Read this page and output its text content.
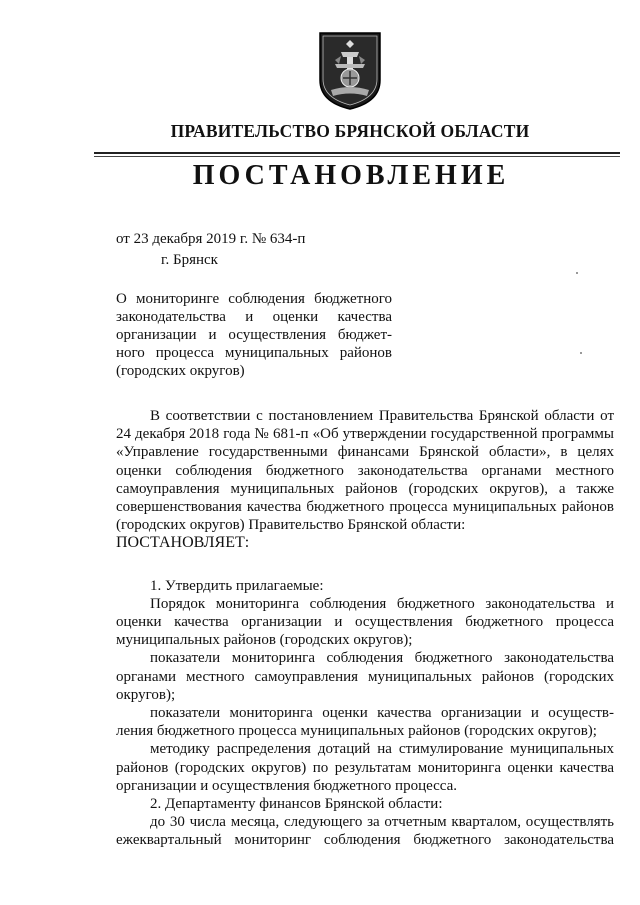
ПРАВИТЕЛЬСТВО БРЯНСКОЙ ОБЛАСТИ
ПОСТАНОВЛЕНИЕ
от 23 декабря 2019 г. № 634-п
г. Брянск
О мониторинге соблюдения бюджетного
законодательства и оценки качества
организации и осуществления бюджет-
ного процесса муниципальных районов
(городских округов)

В соответствии с постановлением Правительства Брянской области от 24 декабря 2018 года № 681-п «Об утверждении государственной программы «Управление государственными финансами Брянской области», в целях оценки соблюдения бюджетного законодательства органами местного самоуправления муниципальных районов (городских округов), а также совершенствования качества бюджетного процесса муниципальных районов (городских округов) Правительство Брянской области:

ПОСТАНОВЛЯЕТ:

1. Утвердить прилагаемые:

Порядок мониторинга соблюдения бюджетного законодательства и оценки качества организации и осуществления бюджетного процесса муниципальных районов (городских округов);

показатели мониторинга соблюдения бюджетного законодательства органами местного самоуправления муниципальных районов (городских округов);

показатели мониторинга оценки качества организации и осуществ-ления бюджетного процесса муниципальных районов (городских округов);

методику распределения дотаций на стимулирование муниципальных районов (городских округов) по результатам мониторинга оценки качества организации и осуществления бюджетного процесса.

2. Департаменту финансов Брянской области:

до 30 числа месяца, следующего за отчетным кварталом, осуществлять ежеквартальный мониторинг соблюдения бюджетного законодательства
